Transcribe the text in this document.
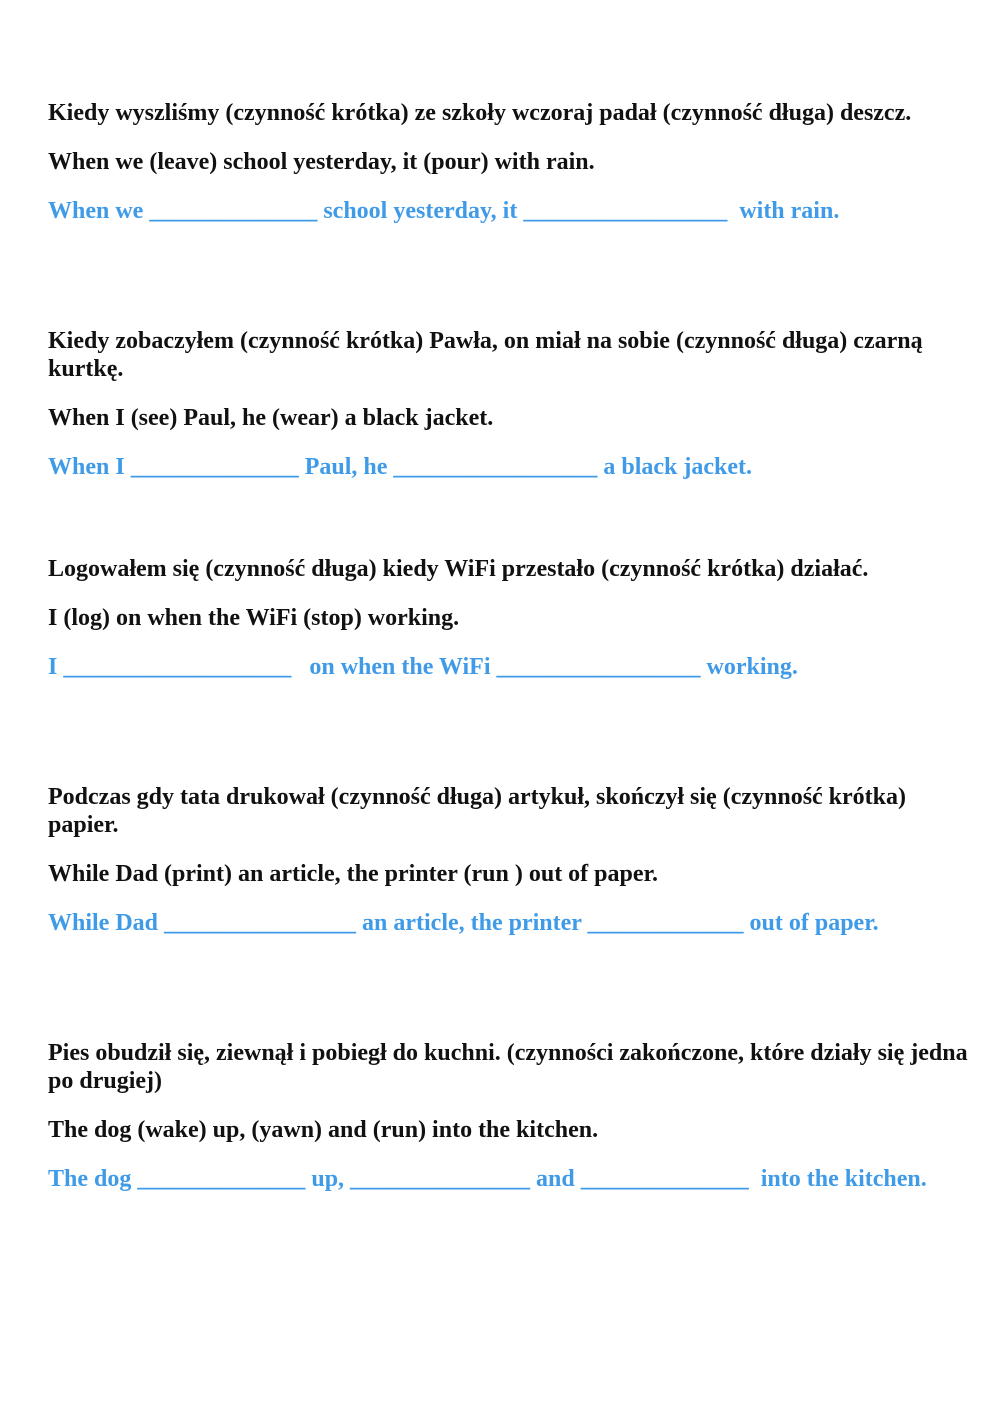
Kiedy wyszliśmy (czynność krótka) ze szkoły wczoraj padał (czynność długa) deszcz.

When we (leave) school yesterday, it (pour) with rain.

When we ______________ school yesterday, it _________________  with rain.

Kiedy zobaczyłem (czynność krótka) Pawła, on miał na sobie (czynność długa) czarną kurtkę.

When I (see) Paul, he (wear) a black jacket.

When I ______________ Paul, he _________________ a black jacket.

Logowałem się (czynność długa) kiedy WiFi przestało (czynność krótka) działać.

I (log) on when the WiFi (stop) working.

I ___________________   on when the WiFi _________________ working.

Podczas gdy tata drukował (czynność długa) artykuł, skończył się (czynność krótka) papier.

While Dad (print) an article, the printer (run ) out of paper.

While Dad ________________ an article, the printer _____________ out of paper.

Pies obudził się, ziewnął i pobiegł do kuchni. (czynności zakończone, które działy się jedna po drugiej)

The dog (wake) up, (yawn) and (run) into the kitchen.

The dog ______________ up, _______________ and ______________  into the kitchen.
